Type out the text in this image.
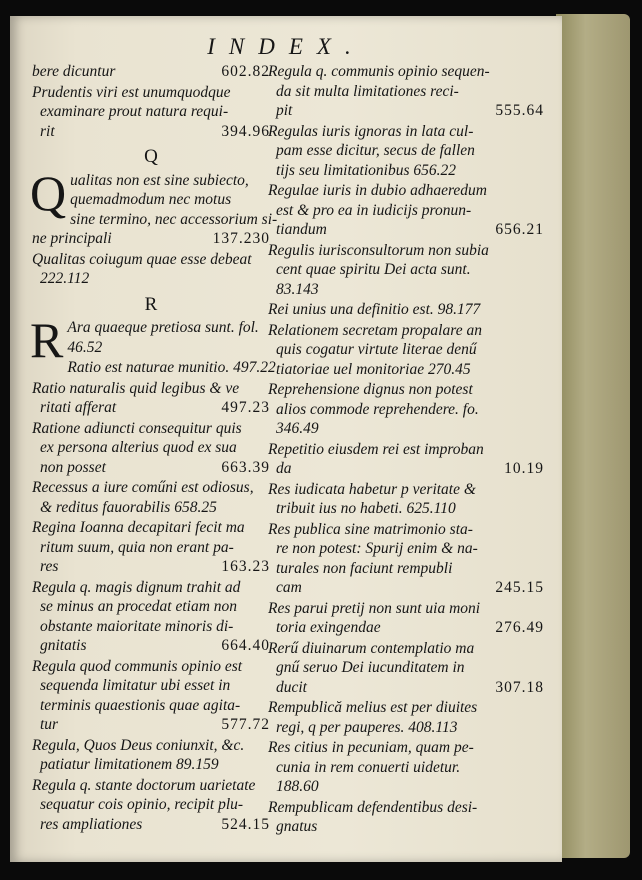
INDEX.
bere dicuntur	602.82
Prudentis viri est unumquodque
examinare prout natura requi-
rit	394.96
Q
Q ualitas non est sine subiecto,
quemadmodum nec motus
sine termino, nec accessorium si-
ne principali	137.230
Qualitas coiugum quae esse debeat
222.112
R
R Ara quaeque pretiosa sunt. fol.
46.52
Ratio est naturae munitio. 497.22
Ratio naturalis quid legibus & ve
ritati afferat	497.23
Ratione adiuncti consequitur quis
ex persona alterius quod ex sua
non posset	663.39
Recessus a iure coműni est odiosus,
& reditus fauorabilis 658.25
Regina Ioanna decapitari fecit ma
ritum suum, quia non erant pa-
res	163.23
Regula q. magis dignum trahit ad
se minus an procedat etiam non
obstante maioritate minoris di-
gnitatis	664.40
Regula quod communis opinio est
sequenda limitatur ubi esset in
terminis quaestionis quae agita-
tur	577.72
Regula, Quos Deus coniunxit, &c.
patiatur limitationem 89.159
Regula q. stante doctorum uarietate
sequatur cois opinio, recipit plu-
res ampliationes	524.15
Regula q. communis opinio sequen-
da sit multa limitationes reci-
pit	555.64
Regulas iuris ignoras in lata cul-
pam esse dicitur, secus de fallen
tijs seu limitationibus 656.22
Regulae iuris in dubio adhaeredum
est & pro ea in iudicijs pronun-
tiandum	656.21
Regulis iurisconsultorum non subia
cent quae spiritu Dei acta sunt.
83.143
Rei unius una definitio est. 98.177
Relationem secretam propalare an
quis cogatur virtute literae denű
tiatoriae uel monitoriae 270.45
Reprehensione dignus non potest
alios commode reprehendere. fo.
346.49
Repetitio eiusdem rei est improban
da	10.19
Res iudicata habetur p veritate &
tribuit ius no habeti. 625.110
Res publica sine matrimonio sta-
re non potest: Spurij enim & na-
turales non faciunt rempubli
cam	245.15
Res parui pretij non sunt uia moni
toria exingendae	276.49
Rerű diuinarum contemplatio ma
gnű seruo Dei iucunditatem in
ducit	307.18
Rempublică melius est per diuites
regi, q per pauperes. 408.113
Res citius in pecuniam, quam pe-
cunia in rem conuerti uidetur.
188.60
Rempublicam defendentibus desi-
gnatus
